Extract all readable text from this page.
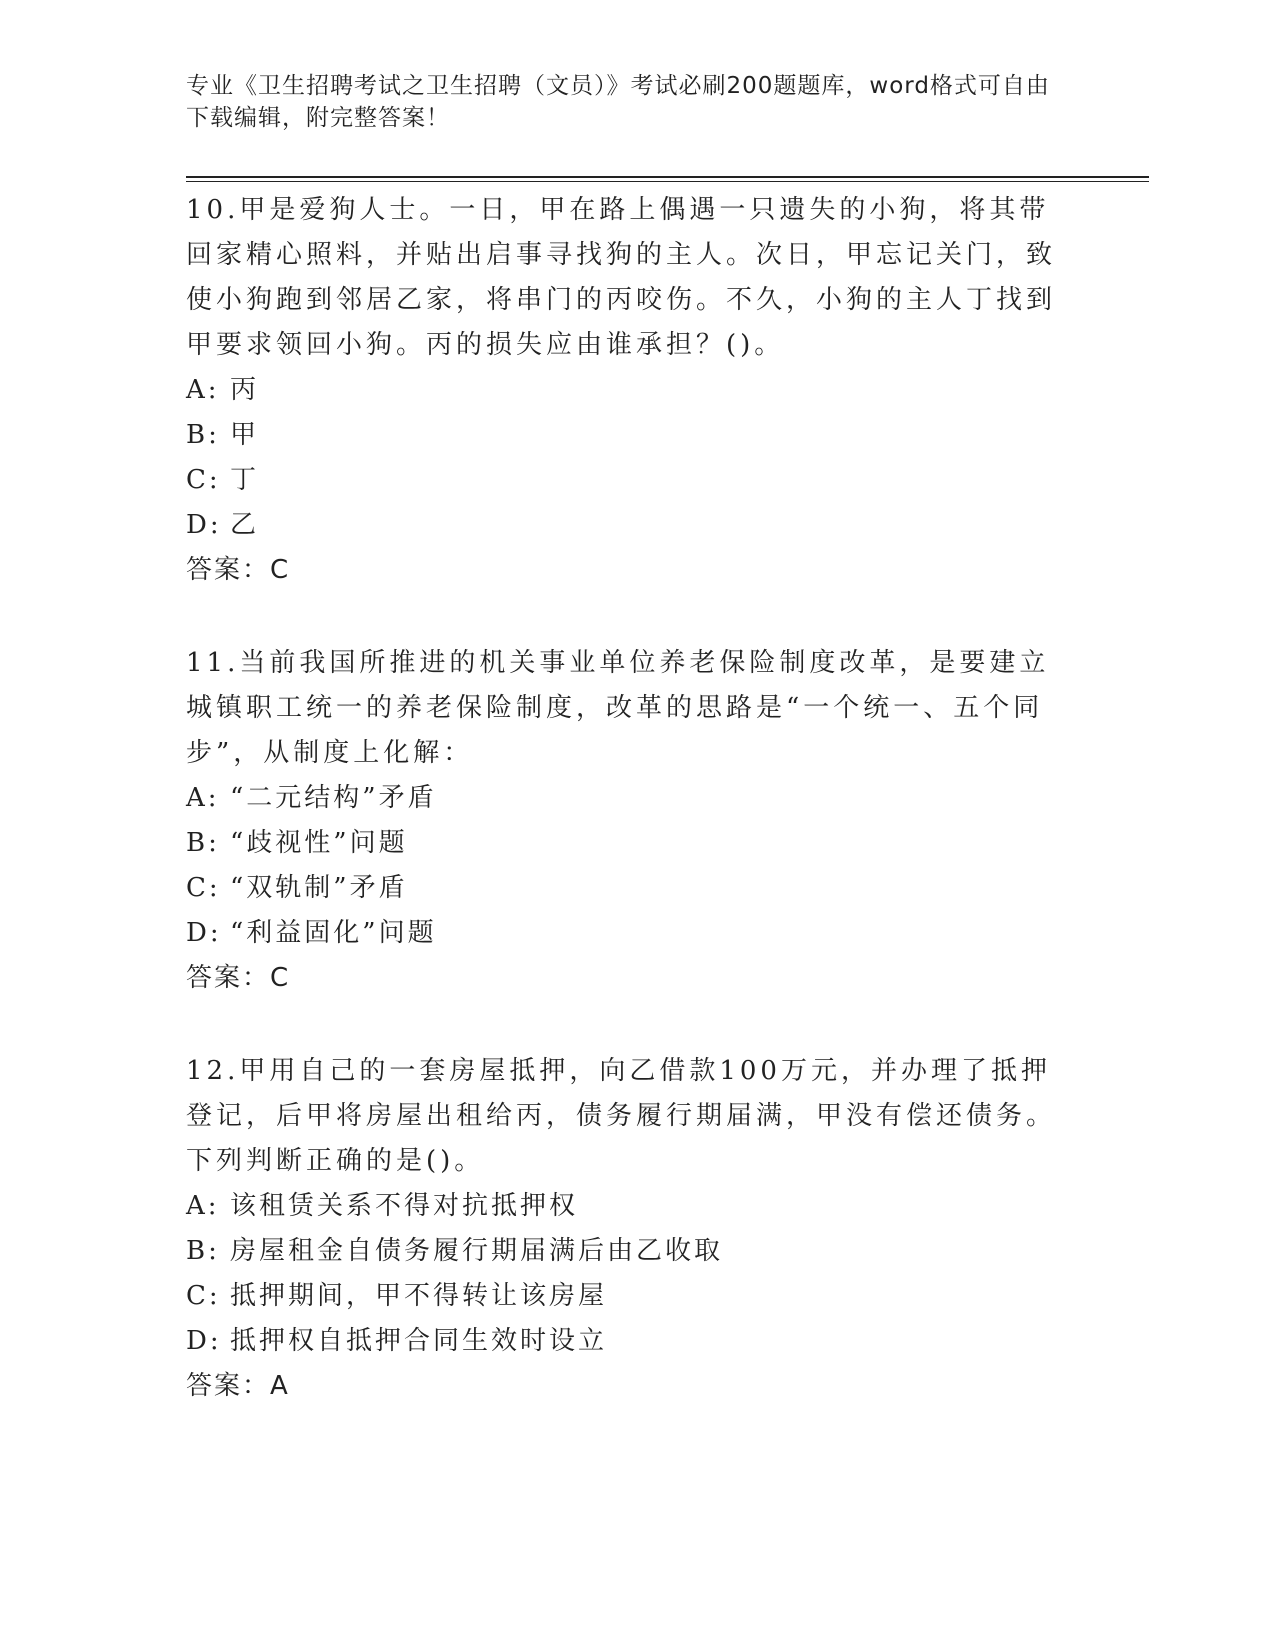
专业《卫生招聘考试之卫生招聘（文员）》考试必刷200题题库，word格式可自由下载编辑，附完整答案！

10.甲是爱狗人士。一日，甲在路上偶遇一只遗失的小狗，将其带回家精心照料，并贴出启事寻找狗的主人。次日，甲忘记关门，致使小狗跑到邻居乙家，将串门的丙咬伤。不久，小狗的主人丁找到甲要求领回小狗。丙的损失应由谁承担？()。

A: 丙

B: 甲

C: 丁

D: 乙

答案：C

11.当前我国所推进的机关事业单位养老保险制度改革，是要建立城镇职工统一的养老保险制度，改革的思路是“一个统一、五个同步”，从制度上化解：

A: “二元结构”矛盾

B: “歧视性”问题

C: “双轨制”矛盾

D: “利益固化”问题

答案：C

12.甲用自己的一套房屋抵押，向乙借款100万元，并办理了抵押登记，后甲将房屋出租给丙，债务履行期届满，甲没有偿还债务。下列判断正确的是()。

A: 该租赁关系不得对抗抵押权

B: 房屋租金自债务履行期届满后由乙收取

C: 抵押期间，甲不得转让该房屋

D: 抵押权自抵押合同生效时设立

答案：A
